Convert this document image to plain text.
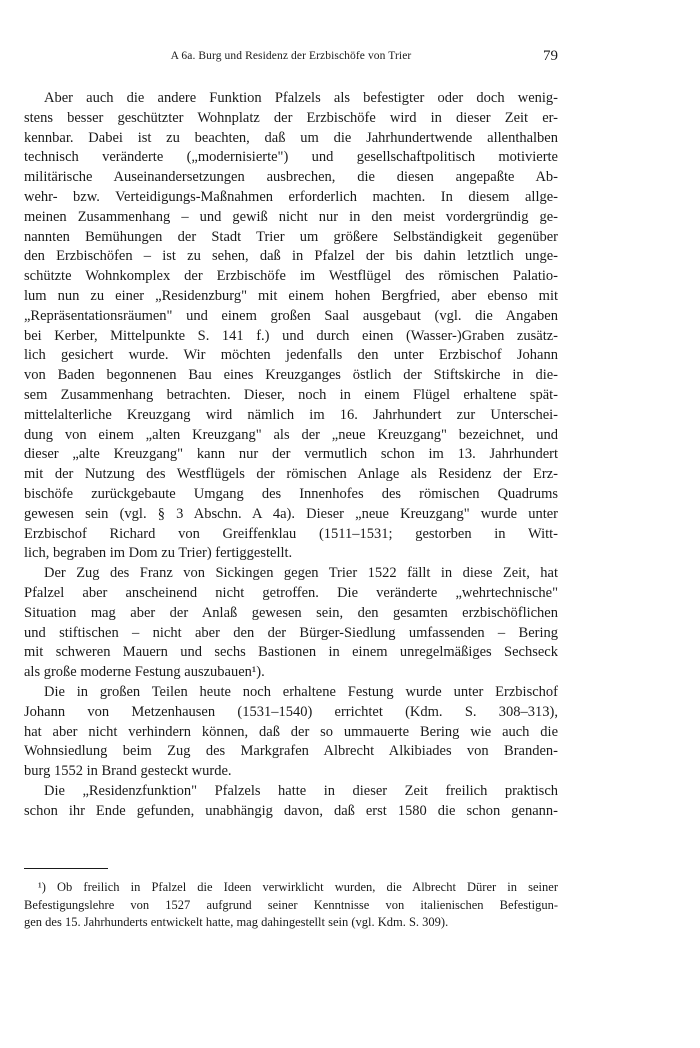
A 6a. Burg und Residenz der Erzbischöfe von Trier	79
Aber auch die andere Funktion Pfalzels als befestigter oder doch wenig-
stens besser geschützter Wohnplatz der Erzbischöfe wird in dieser Zeit er-
kennbar. Dabei ist zu beachten, daß um die Jahrhundertwende allenthalben
technisch veränderte („modernisierte") und gesellschaftpolitisch motivierte
militärische Auseinandersetzungen ausbrechen, die diesen angepaßte Ab-
wehr- bzw. Verteidigungs-Maßnahmen erforderlich machten. In diesem allge-
meinen Zusammenhang – und gewiß nicht nur in den meist vordergründig ge-
nannten Bemühungen der Stadt Trier um größere Selbständigkeit gegenüber
den Erzbischöfen – ist zu sehen, daß in Pfalzel der bis dahin letztlich unge-
schützte Wohnkomplex der Erzbischöfe im Westflügel des römischen Palatio-
lum nun zu einer „Residenzburg" mit einem hohen Bergfried, aber ebenso mit
„Repräsentationsräumen" und einem großen Saal ausgebaut (vgl. die Angaben
bei Kerber, Mittelpunkte S. 141 f.) und durch einen (Wasser-)Graben zusätz-
lich gesichert wurde. Wir möchten jedenfalls den unter Erzbischof Johann
von Baden begonnenen Bau eines Kreuzganges östlich der Stiftskirche in die-
sem Zusammenhang betrachten. Dieser, noch in einem Flügel erhaltene spät-
mittelalterliche Kreuzgang wird nämlich im 16. Jahrhundert zur Unterschei-
dung von einem „alten Kreuzgang" als der „neue Kreuzgang" bezeichnet, und
dieser „alte Kreuzgang" kann nur der vermutlich schon im 13. Jahrhundert
mit der Nutzung des Westflügels der römischen Anlage als Residenz der Erz-
bischöfe zurückgebaute Umgang des Innenhofes des römischen Quadrums
gewesen sein (vgl. § 3 Abschn. A 4a). Dieser „neue Kreuzgang" wurde unter
Erzbischof Richard von Greiffenklau (1511–1531; gestorben in Witt-
lich, begraben im Dom zu Trier) fertiggestellt.
Der Zug des Franz von Sickingen gegen Trier 1522 fällt in diese Zeit, hat
Pfalzel aber anscheinend nicht getroffen. Die veränderte „wehrtechnische"
Situation mag aber der Anlaß gewesen sein, den gesamten erzbischöflichen
und stiftischen – nicht aber den der Bürger-Siedlung umfassenden – Bering
mit schweren Mauern und sechs Bastionen in einem unregelmäßiges Sechseck
als große moderne Festung auszubauen¹).
Die in großen Teilen heute noch erhaltene Festung wurde unter Erzbischof
Johann von Metzenhausen (1531–1540) errichtet (Kdm. S. 308–313),
hat aber nicht verhindern können, daß der so ummauerte Bering wie auch die
Wohnsiedlung beim Zug des Markgrafen Albrecht Alkibiades von Branden-
burg 1552 in Brand gesteckt wurde.
Die „Residenzfunktion" Pfalzels hatte in dieser Zeit freilich praktisch
schon ihr Ende gefunden, unabhängig davon, daß erst 1580 die schon genann-
¹) Ob freilich in Pfalzel die Ideen verwirklicht wurden, die Albrecht Dürer in seiner
Befestigungslehre von 1527 aufgrund seiner Kenntnisse von italienischen Befestigun-
gen des 15. Jahrhunderts entwickelt hatte, mag dahingestellt sein (vgl. Kdm. S. 309).
